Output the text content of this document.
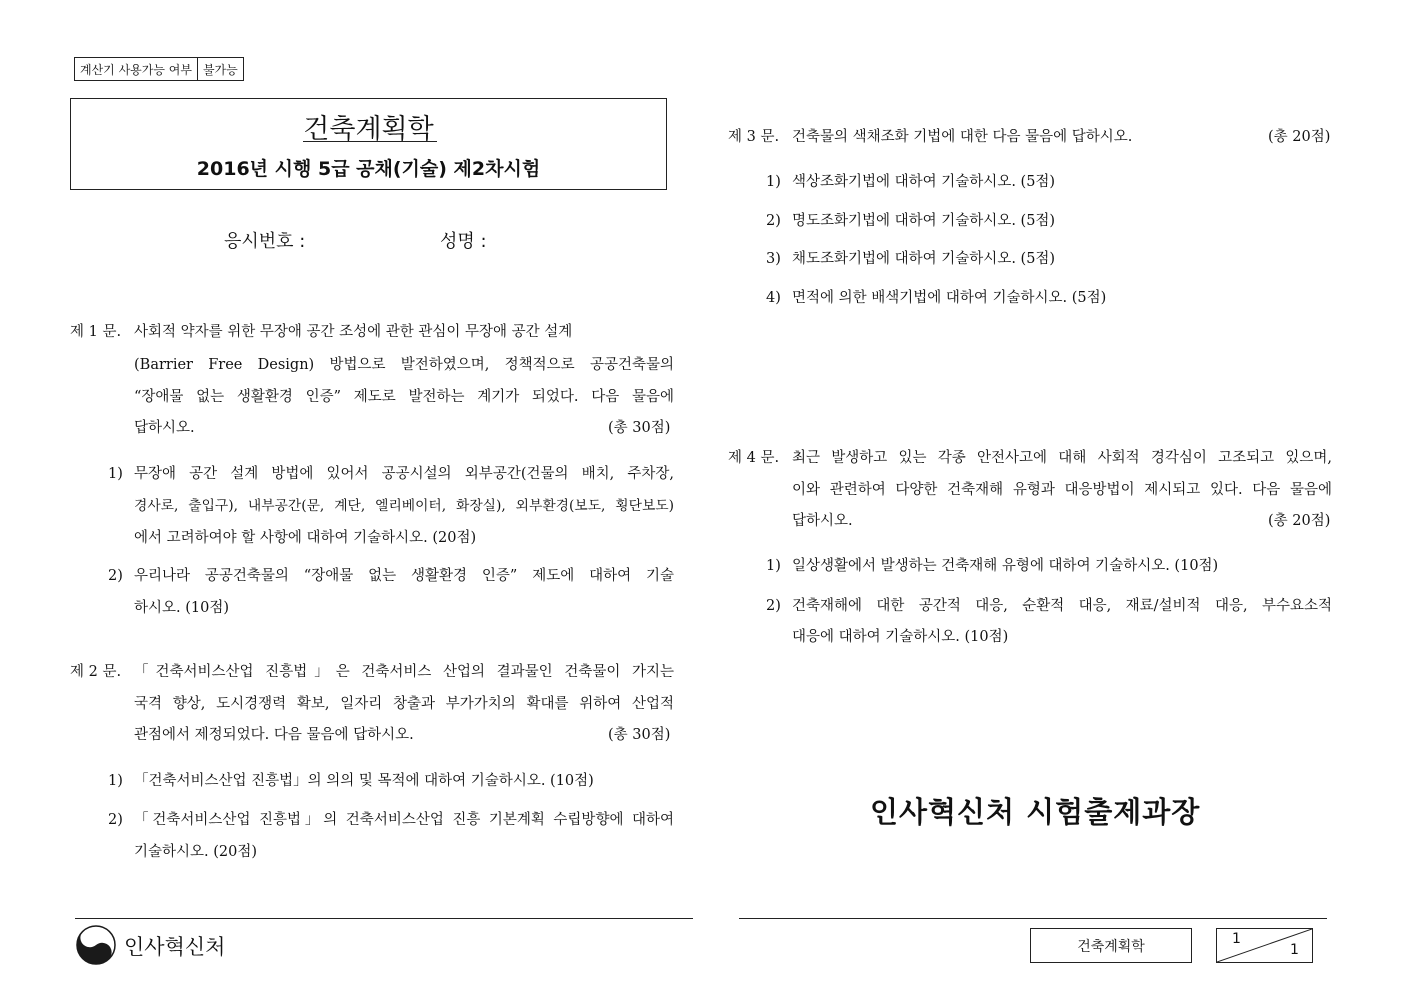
계산기 사용가능 여부 불가능
건축계획학
2016년 시행 5급 공채(기술) 제2차시험
응시번호 :	성명 :
제 1 문. 사회적 약자를 위한 무장애 공간 조성에 관한 관심이 무장애 공간 설계
(Barrier Free Design) 방법으로 발전하였으며, 정책적으로 공공건축물의
“장애물 없는 생활환경 인증” 제도로 발전하는 계기가 되었다. 다음 물음에
답하시오.	(총 30점)
1) 무장애 공간 설계 방법에 있어서 공공시설의 외부공간(건물의 배치, 주차장,
경사로, 출입구), 내부공간(문, 계단, 엘리베이터, 화장실), 외부환경(보도, 횡단보도)
에서 고려하여야 할 사항에 대하여 기술하시오. (20점)
2) 우리나라 공공건축물의 “장애물 없는 생활환경 인증” 제도에 대하여 기술
하시오. (10점)
제 2 문. 「건축서비스산업 진흥법」은 건축서비스 산업의 결과물인 건축물이 가지는
국격 향상, 도시경쟁력 확보, 일자리 창출과 부가가치의 확대를 위하여 산업적
관점에서 제정되었다. 다음 물음에 답하시오.	(총 30점)
1) 「건축서비스산업 진흥법」의 의의 및 목적에 대하여 기술하시오. (10점)
2) 「건축서비스산업 진흥법」의 건축서비스산업 진흥 기본계획 수립방향에 대하여
기술하시오. (20점)
제 3 문. 건축물의 색채조화 기법에 대한 다음 물음에 답하시오.	(총 20점)
1) 색상조화기법에 대하여 기술하시오. (5점)
2) 명도조화기법에 대하여 기술하시오. (5점)
3) 채도조화기법에 대하여 기술하시오. (5점)
4) 면적에 의한 배색기법에 대하여 기술하시오. (5점)
제 4 문. 최근 발생하고 있는 각종 안전사고에 대해 사회적 경각심이 고조되고 있으며,
이와 관련하여 다양한 건축재해 유형과 대응방법이 제시되고 있다. 다음 물음에
답하시오.	(총 20점)
1) 일상생활에서 발생하는 건축재해 유형에 대하여 기술하시오. (10점)
2) 건축재해에 대한 공간적 대응, 순환적 대응, 재료/설비적 대응, 부수요소적
대응에 대하여 기술하시오. (10점)
인사혁신처 시험출제과장
인사혁신처	건축계획학	1
1
